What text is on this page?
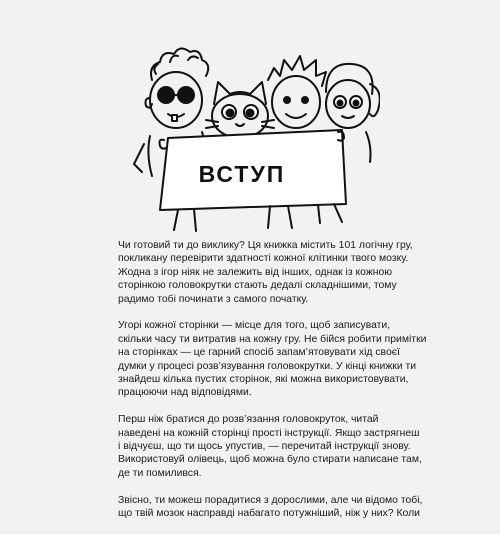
ВСТУП

Чи готовий ти до виклику? Ця книжка містить 101 логічну гру,
покликану перевірити здатності кожної клітинки твого мозку.
Жодна з ігор ніяк не залежить від інших, однак із кожною
сторінкою головокрутки стають дедалі складнішими, тому
радимо тобі починати з самого початку.

Угорі кожної сторінки — місце для того, щоб записувати,
скільки часу ти витратив на кожну гру. Не бійся робити примітки
на сторінках — це гарний спосіб запам’ятовувати хід своєї
думки у процесі розв’язування головокрутки. У кінці книжки ти
знайдеш кілька пустих сторінок, які можна використовувати,
працюючи над відповідями.

Перш ніж братися до розв’язання головокруток, читай
наведені на кожній сторінці прості інструкції. Якщо застрягнеш
і відчуєш, що ти щось упустив, — перечитай інструкції знову.
Використовуй олівець, щоб можна було стирати написане там,
де ти помилився.

Звісно, ти можеш порадитися з дорослими, але чи відомо тобі,
що твій мозок насправді набагато потужніший, ніж у них? Коли
